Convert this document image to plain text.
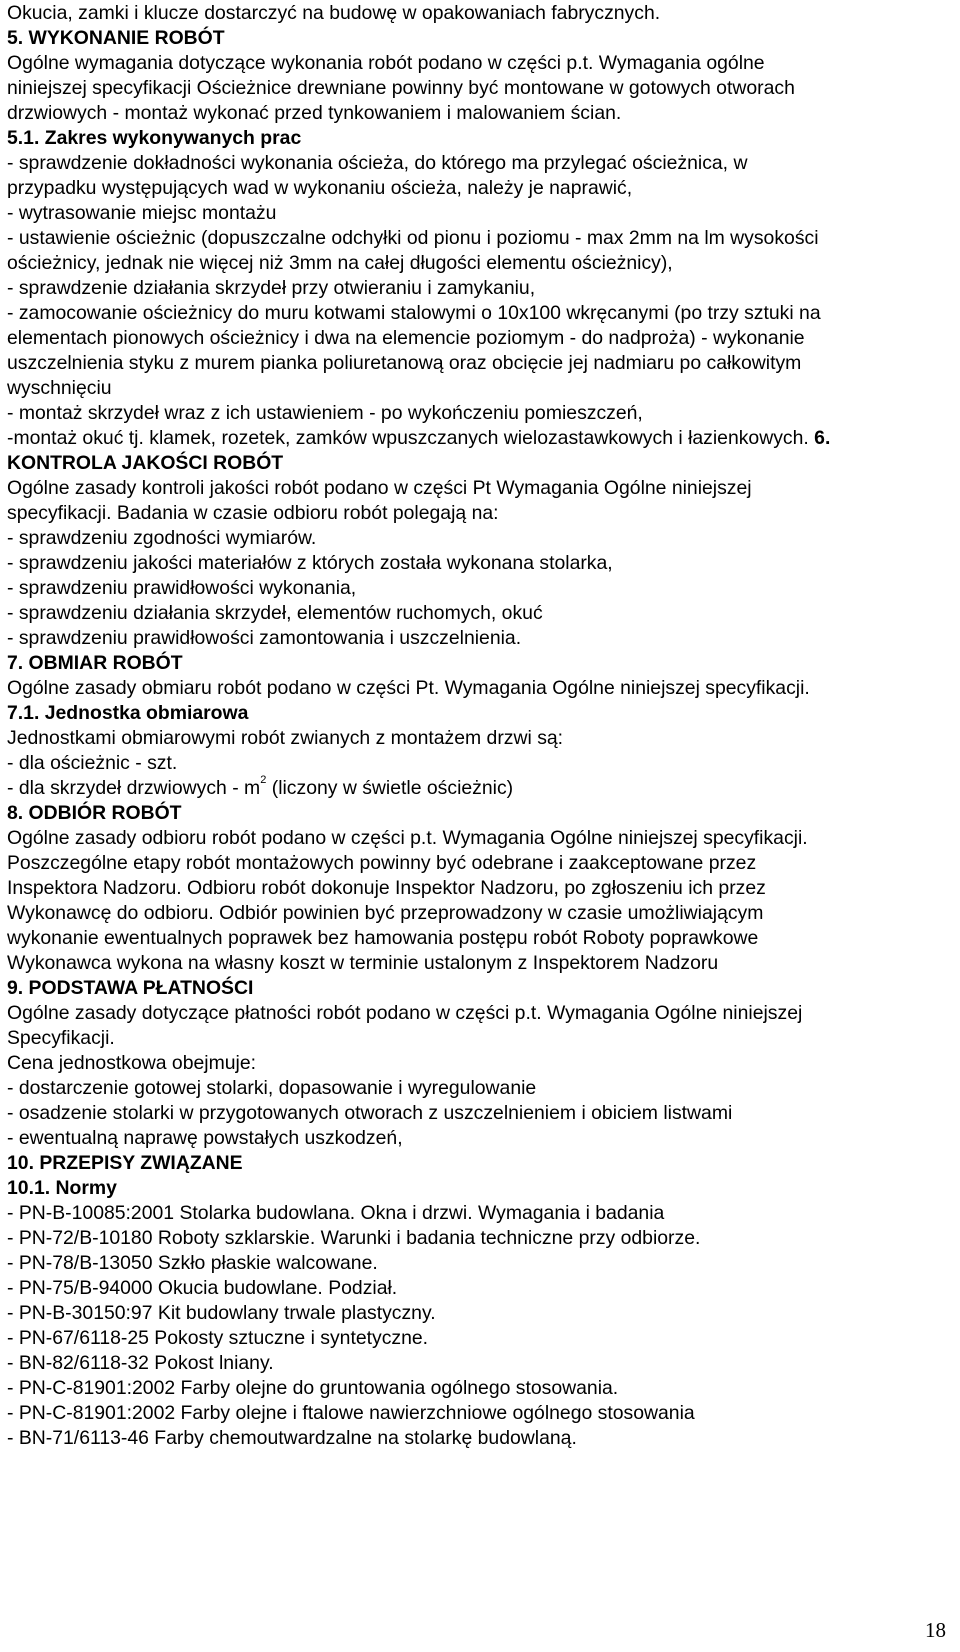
Okucia, zamki i klucze dostarczyć na budowę w opakowaniach fabrycznych.
5. WYKONANIE ROBÓT
Ogólne wymagania dotyczące wykonania robót podano w części p.t. Wymagania ogólne
niniejszej specyfikacji Ościeżnice drewniane powinny być montowane w gotowych otworach
drzwiowych - montaż wykonać przed tynkowaniem i malowaniem ścian.
5.1. Zakres wykonywanych prac
- sprawdzenie dokładności wykonania ościeża, do którego ma przylegać ościeżnica, w
przypadku występujących wad w wykonaniu ościeża, należy je naprawić,
- wytrasowanie miejsc montażu
- ustawienie ościeżnic (dopuszczalne odchyłki od pionu i poziomu - max 2mm na lm wysokości
ościeżnicy, jednak nie więcej niż 3mm na całej długości elementu ościeżnicy),
- sprawdzenie działania skrzydeł przy otwieraniu i zamykaniu,
- zamocowanie ościeżnicy do muru kotwami stalowymi o 10x100 wkręcanymi (po trzy sztuki na
elementach pionowych ościeżnicy i dwa na elemencie poziomym - do nadproża) - wykonanie
uszczelnienia styku z murem pianka poliuretanową oraz obcięcie jej nadmiaru po całkowitym
wyschnięciu
- montaż skrzydeł wraz z ich ustawieniem - po wykończeniu pomieszczeń,
-montaż okuć tj. klamek, rozetek, zamków wpuszczanych wielozastawkowych i łazienkowych. 6.
KONTROLA JAKOŚCI ROBÓT
Ogólne zasady kontroli jakości robót podano w części Pt Wymagania Ogólne niniejszej
specyfikacji. Badania w czasie odbioru robót polegają na:
- sprawdzeniu zgodności wymiarów.
- sprawdzeniu jakości materiałów z których została wykonana stolarka,
- sprawdzeniu prawidłowości wykonania,
- sprawdzeniu działania skrzydeł, elementów ruchomych, okuć
- sprawdzeniu prawidłowości zamontowania i uszczelnienia.
7. OBMIAR ROBÓT
Ogólne zasady obmiaru robót podano w części Pt. Wymagania Ogólne niniejszej specyfikacji.
7.1. Jednostka obmiarowa
Jednostkami obmiarowymi robót zwianych z montażem drzwi są:
- dla ościeżnic - szt.
- dla skrzydeł drzwiowych - $m^2$ (liczony w świetle ościeżnic)
8. ODBIÓR ROBÓT
Ogólne zasady odbioru robót podano w części p.t. Wymagania Ogólne niniejszej specyfikacji.
Poszczególne etapy robót montażowych powinny być odebrane i zaakceptowane przez
Inspektora Nadzoru. Odbioru robót dokonuje Inspektor Nadzoru, po zgłoszeniu ich przez
Wykonawcę do odbioru. Odbiór powinien być przeprowadzony w czasie umożliwiającym
wykonanie ewentualnych poprawek bez hamowania postępu robót Roboty poprawkowe
Wykonawca wykona na własny koszt w terminie ustalonym z Inspektorem Nadzoru
9. PODSTAWA PŁATNOŚCI
Ogólne zasady dotyczące płatności robót podano w części p.t. Wymagania Ogólne niniejszej
Specyfikacji.
Cena jednostkowa obejmuje:
- dostarczenie gotowej stolarki, dopasowanie i wyregulowanie
- osadzenie stolarki w przygotowanych otworach z uszczelnieniem i obiciem listwami
- ewentualną naprawę powstałych uszkodzeń,
10. PRZEPISY ZWIĄZANE
10.1. Normy
- PN-B-10085:2001 Stolarka budowlana. Okna i drzwi. Wymagania i badania
- PN-72/B-10180 Roboty szklarskie. Warunki i badania techniczne przy odbiorze.
- PN-78/B-13050 Szkło płaskie walcowane.
- PN-75/B-94000 Okucia budowlane. Podział.
- PN-B-30150:97 Kit budowlany trwale plastyczny.
- PN-67/6118-25 Pokosty sztuczne i syntetyczne.
- BN-82/6118-32 Pokost lniany.
- PN-C-81901:2002 Farby olejne do gruntowania ogólnego stosowania.
- PN-C-81901:2002 Farby olejne i ftalowe nawierzchniowe ogólnego stosowania
- BN-71/6113-46 Farby chemoutwardzalne na stolarkę budowlaną.
18
